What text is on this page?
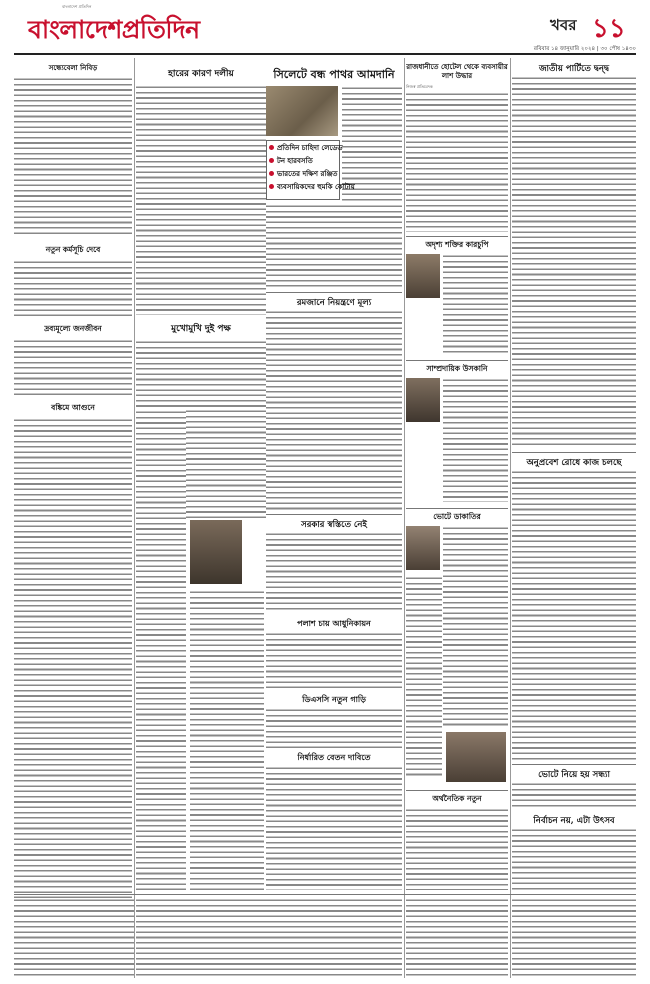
বাংলাদেশপ্রতিদিন
বাংলাদেশ প্রতিদিন
খবর ১১
রবিবার ১৪ জানুয়ারি ২০২৪ | ৩০ পৌষ ১৪৩০
সন্ধ্যেবেলা নিবিড়
নতুন কর্মসূচি দেবে
দ্রব্যমূল্যে জনজীবন
বঙ্কিমে আগুনে
হারের কারণ দলীয়
মুখোমুখি দুই পক্ষ
সিলেটে বন্ধ পাথর আমদানি
প্রতিদিন চাহিদা লেডেড
টন হারবসতি
ভারতের দক্ষিণ রঞ্জিত
ব্যবসায়িকদের হুমকি কোটায়
রমজানে নিয়ন্ত্রণে মূল্য
সরকার স্বস্তিতে নেই
পলাশ চায় আধুনিকায়ন
ডিএসসি নতুন গাড়ি
নির্ধারিত বেতন দাবিতে
রাজধানীতে হোটেল থেকে ব্যবসায়ীর লাশ উদ্ধার
নিজস্ব প্রতিবেদক
অদৃশ্য শক্তির কারচুপি
সাম্প্রদায়িক উসকানি
ভোটে ডাকাতির
অর্থনৈতিক নতুন
জাতীয় পার্টিতে দ্বন্দ্ব
অনুপ্রবেশ রোধে কাজ চলছে
ভোটে নিয়ে হয় সন্ধ্যা
নির্বাচন নয়, এটা উৎসব
